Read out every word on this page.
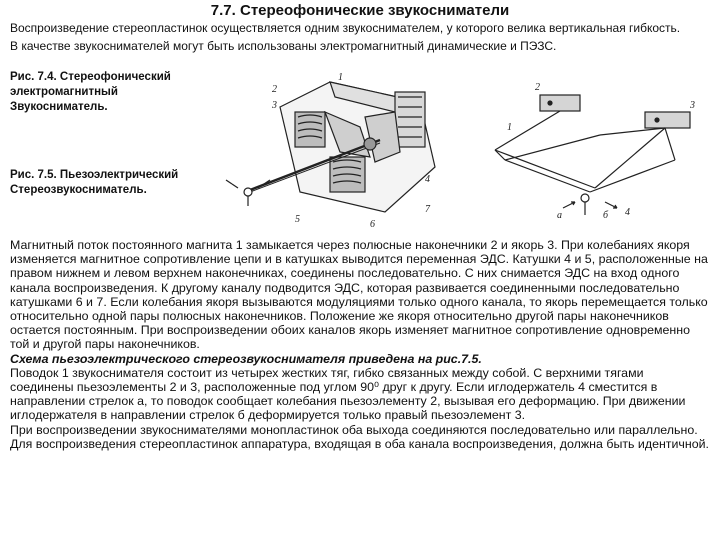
7.7. Стереофонические звукосниматели

Воспроизведение стереопластинок осуществляется одним звукоснимателем, у которого велика вертикальная гибкость.

В качестве звукоснимателей могут быть использованы электромагнитный динамические и ПЭЗС.

Рис. 7.4. Стереофонический
электромагнитный
Звукосниматель.
Рис. 7.5. Пьезоэлектрический
Стереозвукосниматель.
1
2
3
4
5	6
7
1
2
3
4
а	б

Магнитный поток постоянного магнита 1 замыкается через полюсные наконечники 2 и якорь 3. При колебаниях якоря изменяется магнитное сопротивление цепи и в катушках выводится переменная ЭДС. Катушки 4 и 5, расположенные на правом нижнем и левом верхнем наконечниках, соединены последовательно. С них снимается ЭДС на вход одного канала воспроизведения. К другому каналу подводится ЭДС, которая развивается соединенными последовательно катушками 6 и 7. Если колебания якоря вызываются модуляциями только одного канала, то якорь перемещается только относительно одной пары полюсных наконечников. Положение же якоря относительно другой пары наконечников остается постоянным. При воспроизведении обоих каналов якорь изменяет магнитное сопротивление одновременно той и другой пары наконечников.

Схема пьезоэлектрического стереозвукоснимателя приведена на рис.7.5.

Поводок 1 звукоснимателя состоит из четырех жестких тяг, гибко связанных между собой. С верхними тягами соединены пьезоэлементы 2 и 3, расположенные под углом 90⁰ друг к другу. Если иглодержатель 4 сместится в направлении стрелок а, то поводок сообщает колебания пьезоэлементу 2, вызывая его деформацию. При движении иглодержателя в направлении стрелок б деформируется только правый пьезоэлемент 3.

При воспроизведении звукоснимателями монопластинок оба выхода соединяются последовательно или параллельно. Для воспроизведения стереопластинок аппаратура, входящая в оба канала воспроизведения, должна быть идентичной.
